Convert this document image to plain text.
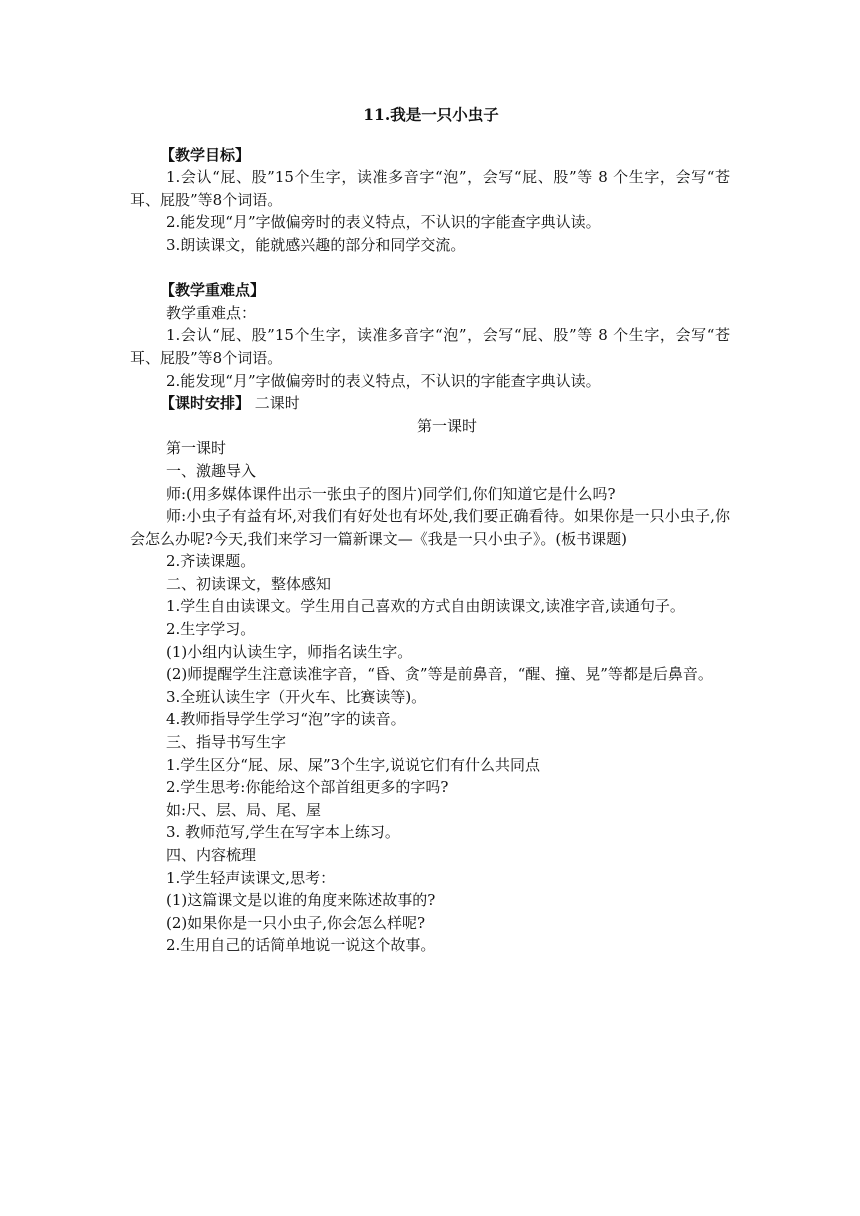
11.我是一只小虫子

【教学目标】

1.会认“屁、股”15个生字，读准多音字“泡”，会写“屁、股”等 8 个生字，会写“苍耳、屁股”等8个词语。

2.能发现“月”字做偏旁时的表义特点，不认识的字能查字典认读。

3.朗读课文，能就感兴趣的部分和同学交流。

【教学重难点】

教学重难点：

1.会认“屁、股”15个生字，读准多音字“泡”，会写“屁、股”等 8 个生字，会写“苍耳、屁股”等8个词语。

2.能发现“月”字做偏旁时的表义特点，不认识的字能查字典认读。

【课时安排】 二课时

第一课时

第一课时

一、激趣导入

师:(用多媒体课件出示一张虫子的图片)同学们,你们知道它是什么吗?

师:小虫子有益有坏,对我们有好处也有坏处,我们要正确看待。如果你是一只小虫子,你会怎么办呢?今天,我们来学习一篇新课文—《我是一只小虫子》。(板书课题)

2.齐读课题。

二、初读课文，整体感知

1.学生自由读课文。学生用自己喜欢的方式自由朗读课文,读准字音,读通句子。

2.生字学习。

(1)小组内认读生字，师指名读生字。

(2)师提醒学生注意读准字音，“昏、贪”等是前鼻音，“醒、撞、晃”等都是后鼻音。

3.全班认读生字（开火车、比赛读等)。

4.教师指导学生学习“泡”字的读音。

三、指导书写生字

1.学生区分“屁、尿、屎”3个生字,说说它们有什么共同点

2.学生思考:你能给这个部首组更多的字吗?

如:尺、层、局、尾、屋

3. 教师范写,学生在写字本上练习。

四、内容梳理

1.学生轻声读课文,思考：

(1)这篇课文是以谁的角度来陈述故事的?

(2)如果你是一只小虫子,你会怎么样呢?

2.生用自己的话简单地说一说这个故事。
